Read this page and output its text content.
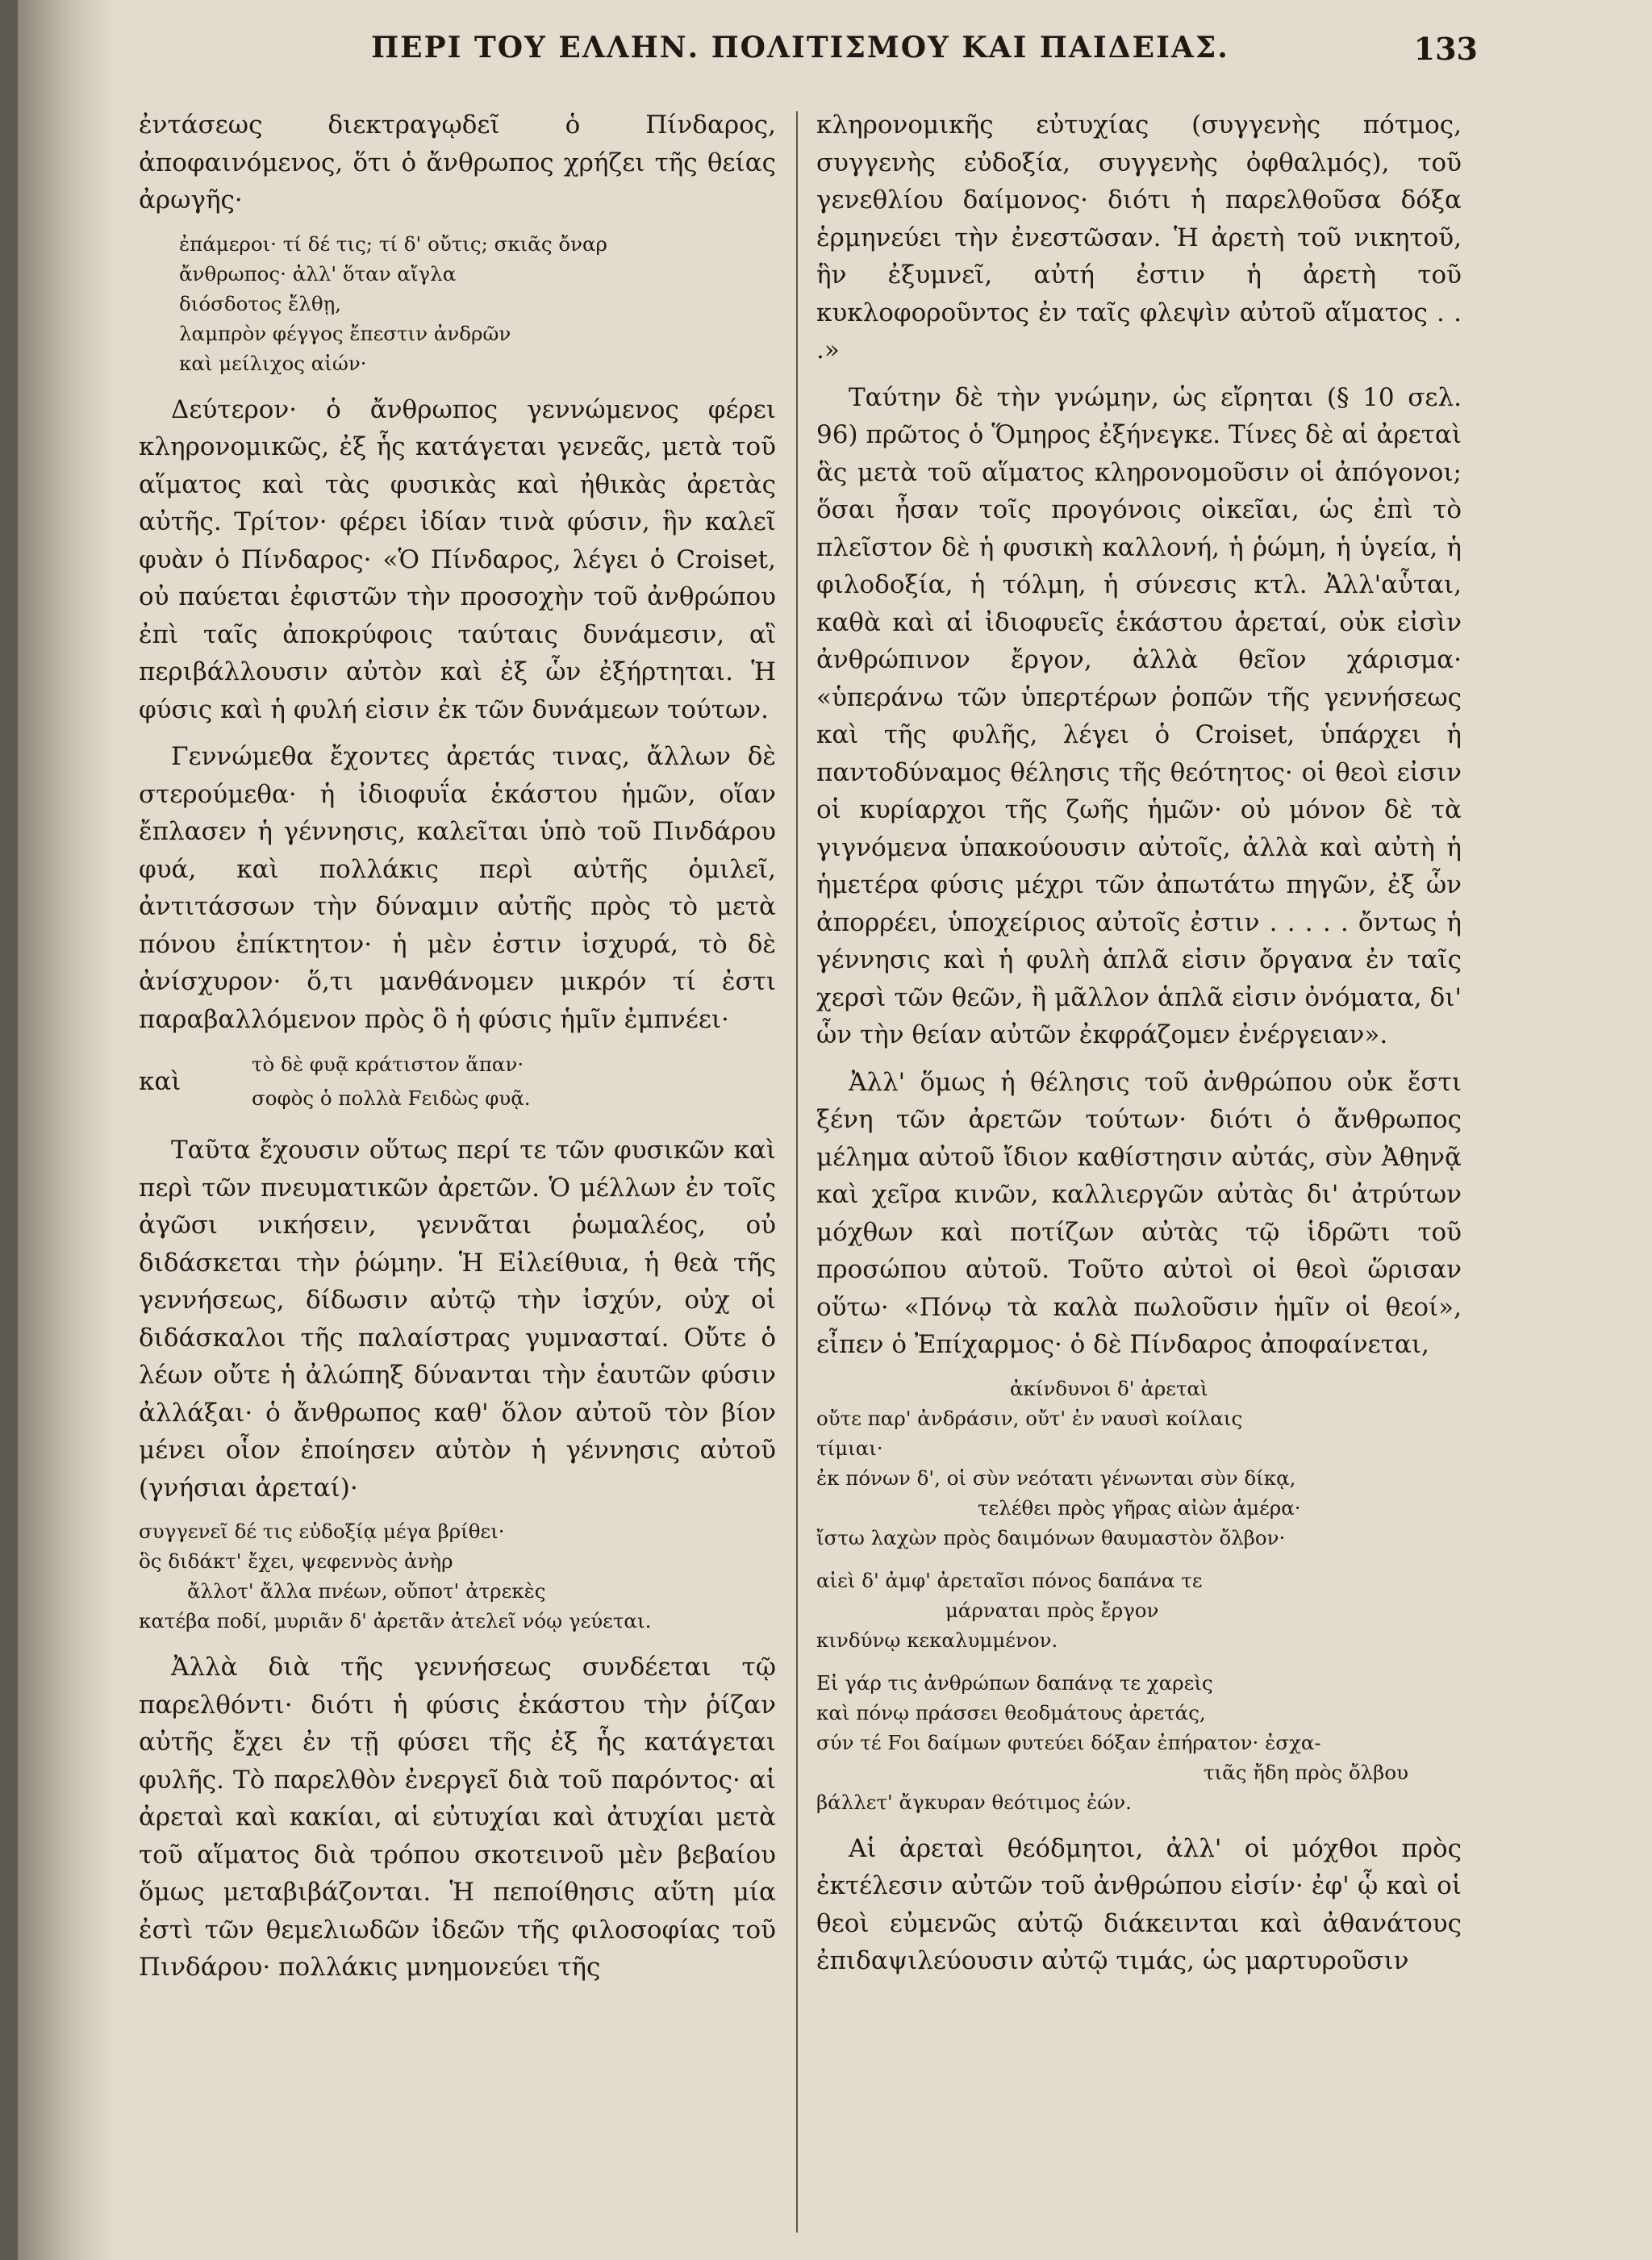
ΠΕΡΙ ΤΟΥ ΕΛΛΗΝ. ΠΟΛΙΤΙΣΜΟΥ ΚΑΙ ΠΑΙΔΕΙΑΣ.	133

ἐντάσεως διεκτραγῳδεῖ ὁ Πίνδαρος, ἀποφαινόμενος, ὅτι ὁ ἄνθρωπος χρήζει τῆς θείας ἀρωγῆς·

ἐπάμεροι· τί δέ τις; τί δ' οὔτις; σκιᾶς ὄναρ
ἄνθρωπος· ἀλλ' ὅταν αἴγλα
διόσδοτος ἔλθῃ,
λαμπρὸν φέγγος ἔπεστιν ἀνδρῶν
καὶ μείλιχος αἰών·

Δεύτερον· ὁ ἄνθρωπος γεννώμενος φέρει κληρονομικῶς, ἐξ ἧς κατάγεται γενεᾶς, μετὰ τοῦ αἵματος καὶ τὰς φυσικὰς καὶ ἠθικὰς ἀρετὰς αὐτῆς. Τρίτον· φέρει ἰδίαν τινὰ φύσιν, ἣν καλεῖ φυὰν ὁ Πίνδαρος· «Ὁ Πίνδαρος, λέγει ὁ Croiset, οὐ παύεται ἐφιστῶν τὴν προσοχὴν τοῦ ἀνθρώπου ἐπὶ ταῖς ἀποκρύφοις ταύταις δυνάμεσιν, αἳ περιβάλλουσιν αὐτὸν καὶ ἐξ ὧν ἐξήρτηται. Ἡ φύσις καὶ ἡ φυλή εἰσιν ἐκ τῶν δυνάμεων τούτων.

Γεννώμεθα ἔχοντες ἀρετάς τινας, ἄλλων δὲ στερούμεθα· ἡ ἰδιοφυΐα ἑκάστου ἡμῶν, οἵαν ἔπλασεν ἡ γέννησις, καλεῖται ὑπὸ τοῦ Πινδάρου φυά, καὶ πολλάκις περὶ αὐτῆς ὁμιλεῖ, ἀντιτάσσων τὴν δύναμιν αὐτῆς πρὸς τὸ μετὰ πόνου ἐπίκτητον· ἡ μὲν ἐστιν ἰσχυρά, τὸ δὲ ἀνίσχυρον· ὅ,τι μανθάνομεν μικρόν τί ἐστι παραβαλλόμενον πρὸς ὃ ἡ φύσις ἡμῖν ἐμπνέει·

καὶ
τὸ δὲ φυᾷ κράτιστον ἅπαν·
σοφὸς ὁ πολλὰ Fειδὼς φυᾷ.

Ταῦτα ἔχουσιν οὕτως περί τε τῶν φυσικῶν καὶ περὶ τῶν πνευματικῶν ἀρετῶν. Ὁ μέλλων ἐν τοῖς ἀγῶσι νικήσειν, γεννᾶται ῥωμαλέος, οὐ διδάσκεται τὴν ῥώμην. Ἡ Εἰλείθυια, ἡ θεὰ τῆς γεννήσεως, δίδωσιν αὐτῷ τὴν ἰσχύν, οὐχ οἱ διδάσκαλοι τῆς παλαίστρας γυμνασταί. Οὔτε ὁ λέων οὔτε ἡ ἀλώπηξ δύνανται τὴν ἑαυτῶν φύσιν ἀλλάξαι· ὁ ἄνθρωπος καθ' ὅλον αὐτοῦ τὸν βίον μένει οἷον ἐποίησεν αὐτὸν ἡ γέννησις αὐτοῦ (γνήσιαι ἀρεταί)·

συγγενεῖ δέ τις εὐδοξίᾳ μέγα βρίθει·
ὃς διδάκτ' ἔχει, ψεφεννὸς ἀνὴρ
ἄλλοτ' ἄλλα πνέων, οὔποτ' ἀτρεκὲς
κατέβα ποδί, μυριᾶν δ' ἀρετᾶν ἀτελεῖ νόῳ γεύεται.

Ἀλλὰ διὰ τῆς γεννήσεως συνδέεται τῷ παρελθόντι· διότι ἡ φύσις ἑκάστου τὴν ῥίζαν αὐτῆς ἔχει ἐν τῇ φύσει τῆς ἐξ ἧς κατάγεται φυλῆς. Τὸ παρελθὸν ἐνεργεῖ διὰ τοῦ παρόντος· αἱ ἀρεταὶ καὶ κακίαι, αἱ εὐτυχίαι καὶ ἀτυχίαι μετὰ τοῦ αἵματος διὰ τρόπου σκοτεινοῦ μὲν βεβαίου ὅμως μεταβιβάζονται. Ἡ πεποίθησις αὕτη μία ἐστὶ τῶν θεμελιωδῶν ἰδεῶν τῆς φιλοσοφίας τοῦ Πινδάρου· πολλάκις μνημονεύει τῆς

κληρονομικῆς εὐτυχίας (συγγενὴς πότμος, συγγενὴς εὐδοξία, συγγενὴς ὀφθαλμός), τοῦ γενεθλίου δαίμονος· διότι ἡ παρελθοῦσα δόξα ἑρμηνεύει τὴν ἐνεστῶσαν. Ἡ ἀρετὴ τοῦ νικητοῦ, ἣν ἐξυμνεῖ, αὐτή ἐστιν ἡ ἀρετὴ τοῦ κυκλοφοροῦντος ἐν ταῖς φλεψὶν αὐτοῦ αἵματος . . .»

Ταύτην δὲ τὴν γνώμην, ὡς εἴρηται (§ 10 σελ. 96) πρῶτος ὁ Ὅμηρος ἐξήνεγκε. Τίνες δὲ αἱ ἀρεταὶ ἃς μετὰ τοῦ αἵματος κληρονομοῦσιν οἱ ἀπόγονοι; ὅσαι ἦσαν τοῖς προγόνοις οἰκεῖαι, ὡς ἐπὶ τὸ πλεῖστον δὲ ἡ φυσικὴ καλλονή, ἡ ῥώμη, ἡ ὑγεία, ἡ φιλοδοξία, ἡ τόλμη, ἡ σύνεσις κτλ. Ἀλλ'αὗται, καθὰ καὶ αἱ ἰδιοφυεῖς ἑκάστου ἀρεταί, οὐκ εἰσὶν ἀνθρώπινον ἔργον, ἀλλὰ θεῖον χάρισμα· «ὑπεράνω τῶν ὑπερτέρων ῥοπῶν τῆς γεννήσεως καὶ τῆς φυλῆς, λέγει ὁ Croiset, ὑπάρχει ἡ παντοδύναμος θέλησις τῆς θεότητος· οἱ θεοὶ εἰσιν οἱ κυρίαρχοι τῆς ζωῆς ἡμῶν· οὐ μόνον δὲ τὰ γιγνόμενα ὑπακούουσιν αὐτοῖς, ἀλλὰ καὶ αὐτὴ ἡ ἡμετέρα φύσις μέχρι τῶν ἀπωτάτω πηγῶν, ἐξ ὧν ἀπορρέει, ὑποχείριος αὐτοῖς ἐστιν . . . . . ὄντως ἡ γέννησις καὶ ἡ φυλὴ ἁπλᾶ εἰσιν ὄργανα ἐν ταῖς χερσὶ τῶν θεῶν, ἢ μᾶλλον ἁπλᾶ εἰσιν ὀνόματα, δι' ὧν τὴν θείαν αὐτῶν ἐκφράζομεν ἐνέργειαν».

Ἀλλ' ὅμως ἡ θέλησις τοῦ ἀνθρώπου οὐκ ἔστι ξένη τῶν ἀρετῶν τούτων· διότι ὁ ἄνθρωπος μέλημα αὐτοῦ ἴδιον καθίστησιν αὐτάς, σὺν Ἀθηνᾷ καὶ χεῖρα κινῶν, καλλιεργῶν αὐτὰς δι' ἀτρύτων μόχθων καὶ ποτίζων αὐτὰς τῷ ἱδρῶτι τοῦ προσώπου αὐτοῦ. Τοῦτο αὐτοὶ οἱ θεοὶ ὥρισαν οὕτω· «Πόνῳ τὰ καλὰ πωλοῦσιν ἡμῖν οἱ θεοί», εἶπεν ὁ Ἐπίχαρμος· ὁ δὲ Πίνδαρος ἀποφαίνεται,

ἀκίνδυνοι δ' ἀρεταὶ
οὔτε παρ' ἀνδράσιν, οὔτ' ἐν ναυσὶ κοίλαις
τίμιαι·
ἐκ πόνων δ', οἱ σὺν νεότατι γένωνται σὺν δίκᾳ,
τελέθει πρὸς γῆρας αἰὼν ἁμέρα·
ἴστω λαχὼν πρὸς δαιμόνων θαυμαστὸν ὄλβον·
αἰεὶ δ' ἀμφ' ἀρεταῖσι πόνος δαπάνα τε
μάρναται πρὸς ἔργον
κινδύνῳ κεκαλυμμένον.
Εἰ γάρ τις ἀνθρώπων δαπάνᾳ τε χαρεὶς
καὶ πόνῳ πράσσει θεοδμάτους ἀρετάς,
σύν τέ Fοι δαίμων φυτεύει δόξαν ἐπήρατον· ἐσχα-
τιᾶς ἤδη πρὸς ὄλβου
βάλλετ' ἄγκυραν θεότιμος ἐών.

Αἱ ἀρεταὶ θεόδμητοι, ἀλλ' οἱ μόχθοι πρὸς ἐκτέλεσιν αὐτῶν τοῦ ἀνθρώπου εἰσίν· ἐφ' ᾧ καὶ οἱ θεοὶ εὐμενῶς αὐτῷ διάκεινται καὶ ἀθανάτους ἐπιδαψιλεύουσιν αὐτῷ τιμάς, ὡς μαρτυροῦσιν
